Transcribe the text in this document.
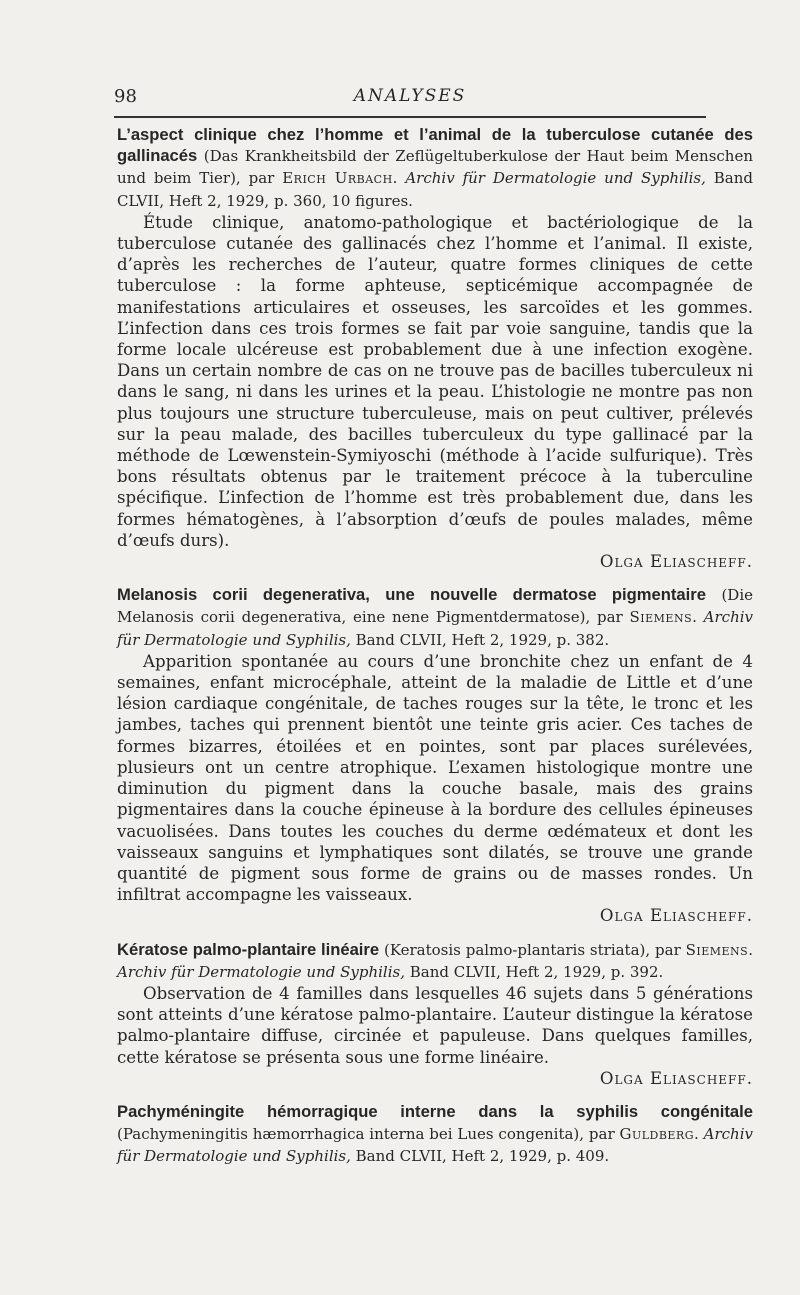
98	ANALYSES

L’aspect clinique chez l’homme et l’animal de la tuberculose cutanée des gallinacés (Das Krankheitsbild der Zeflügeltuberkulose der Haut beim Menschen und beim Tier), par Erich Urbach. Archiv für Dermatologie und Syphilis, Band CLVII, Heft 2, 1929, p. 360, 10 figures.

Étude clinique, anatomo-pathologique et bactériologique de la tuberculose cutanée des gallinacés chez l’homme et l’animal. Il existe, d’après les recherches de l’auteur, quatre formes cliniques de cette tuberculose : la forme aphteuse, septicémique accompagnée de manifestations articulaires et osseuses, les sarcoïdes et les gommes. L’infection dans ces trois formes se fait par voie sanguine, tandis que la forme locale ulcéreuse est probablement due à une infection exogène. Dans un certain nombre de cas on ne trouve pas de bacilles tuberculeux ni dans le sang, ni dans les urines et la peau. L’histologie ne montre pas non plus toujours une structure tuberculeuse, mais on peut cultiver, prélevés sur la peau malade, des bacilles tuberculeux du type gallinacé par la méthode de Lœwenstein-Symiyoschi (méthode à l’acide sulfurique). Très bons résultats obtenus par le traitement précoce à la tuberculine spécifique. L’infection de l’homme est très probablement due, dans les formes hématogènes, à l’absorption d’œufs de poules malades, même d’œufs durs).

Olga Eliascheff.

Melanosis corii degenerativa, une nouvelle dermatose pigmentaire (Die Melanosis corii degenerativa, eine nene Pigmentdermatose), par Siemens. Archiv für Dermatologie und Syphilis, Band CLVII, Heft 2, 1929, p. 382.

Apparition spontanée au cours d’une bronchite chez un enfant de 4 semaines, enfant microcéphale, atteint de la maladie de Little et d’une lésion cardiaque congénitale, de taches rouges sur la tête, le tronc et les jambes, taches qui prennent bientôt une teinte gris acier. Ces taches de formes bizarres, étoilées et en pointes, sont par places surélevées, plusieurs ont un centre atrophique. L’examen histologique montre une diminution du pigment dans la couche basale, mais des grains pigmentaires dans la couche épineuse à la bordure des cellules épineuses vacuolisées. Dans toutes les couches du derme œdémateux et dont les vaisseaux sanguins et lymphatiques sont dilatés, se trouve une grande quantité de pigment sous forme de grains ou de masses rondes. Un infiltrat accompagne les vaisseaux.

Olga Eliascheff.

Kératose palmo-plantaire linéaire (Keratosis palmo-plantaris striata), par Siemens. Archiv für Dermatologie und Syphilis, Band CLVII, Heft 2, 1929, p. 392.

Observation de 4 familles dans lesquelles 46 sujets dans 5 générations sont atteints d’une kératose palmo-plantaire. L’auteur distingue la kératose palmo-plantaire diffuse, circinée et papuleuse. Dans quelques familles, cette kératose se présenta sous une forme linéaire.

Olga Eliascheff.

Pachyméningite hémorragique interne dans la syphilis congénitale (Pachymeningitis hæmorrhagica interna bei Lues congenita), par Guldberg. Archiv für Dermatologie und Syphilis, Band CLVII, Heft 2, 1929, p. 409.
